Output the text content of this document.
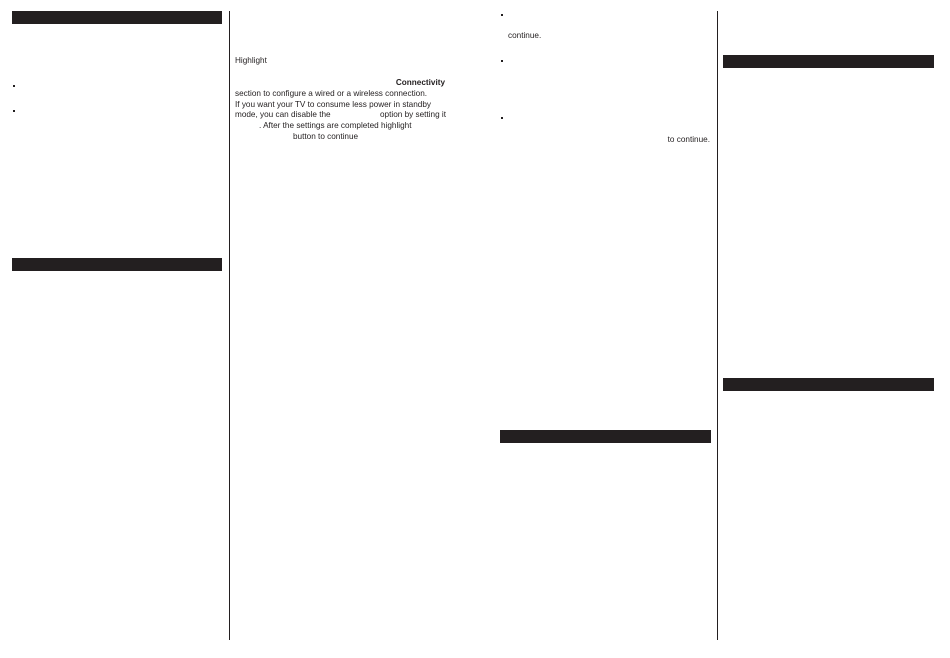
Highlight
Connectivity
section to configure a wired or a wireless connection.
If you want your TV to consume less power in standby
mode, you can disable the	option by setting it
. After the settings are completed highlight
button to continue
continue.
to continue.
